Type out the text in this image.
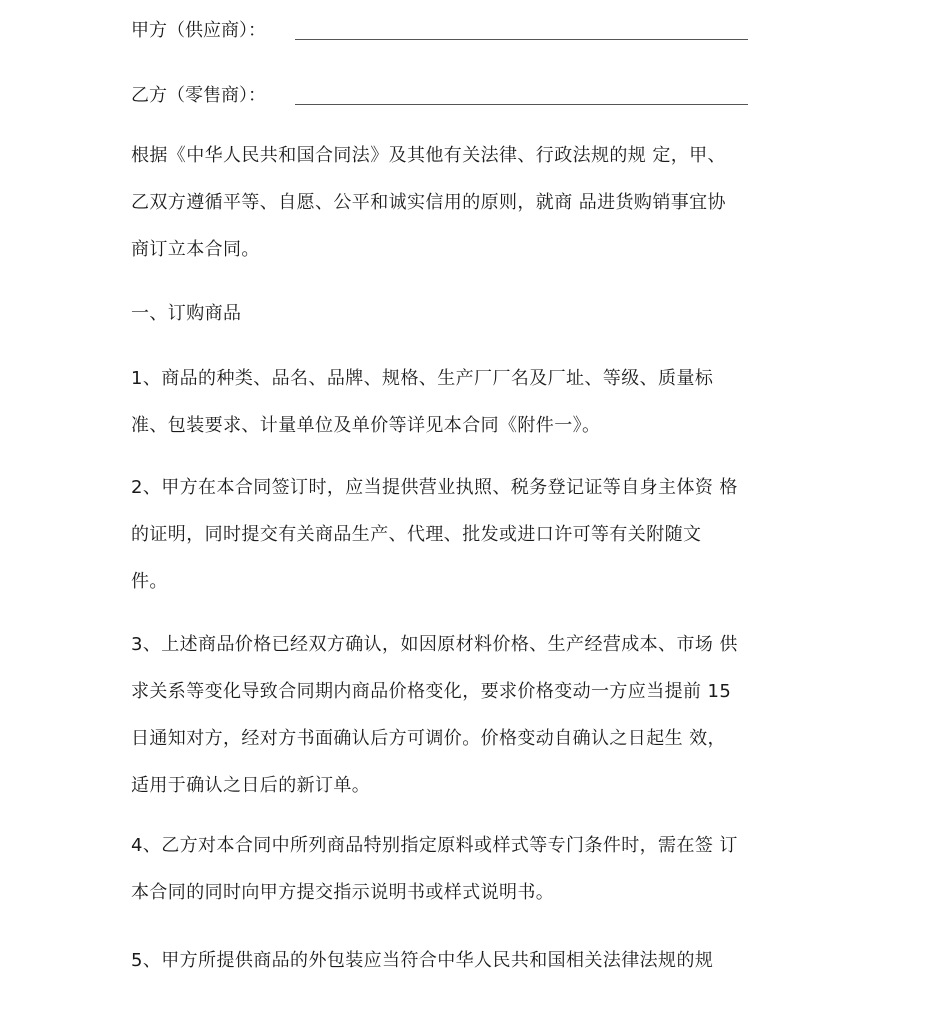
甲方（供应商）：
乙方（零售商）：
根据《中华人民共和国合同法》及其他有关法律、行政法规的规 定，甲、
乙双方遵循平等、自愿、公平和诚实信用的原则，就商 品进货购销事宜协
商订立本合同。
一、订购商品
1、商品的种类、品名、品牌、规格、生产厂厂名及厂址、等级、质量标
准、包装要求、计量单位及单价等详见本合同《附件一》。
2、甲方在本合同签订时，应当提供营业执照、税务登记证等自身主体资 格
的证明，同时提交有关商品生产、代理、批发或进口许可等有关附随文
件。
3、上述商品价格已经双方确认，如因原材料价格、生产经营成本、市场 供
求关系等变化导致合同期内商品价格变化，要求价格变动一方应当提前 15
日通知对方，经对方书面确认后方可调价。价格变动自确认之日起生 效，
适用于确认之日后的新订单。
4、乙方对本合同中所列商品特别指定原料或样式等专门条件时，需在签 订
本合同的同时向甲方提交指示说明书或样式说明书。
5、甲方所提供商品的外包装应当符合中华人民共和国相关法律法规的规
